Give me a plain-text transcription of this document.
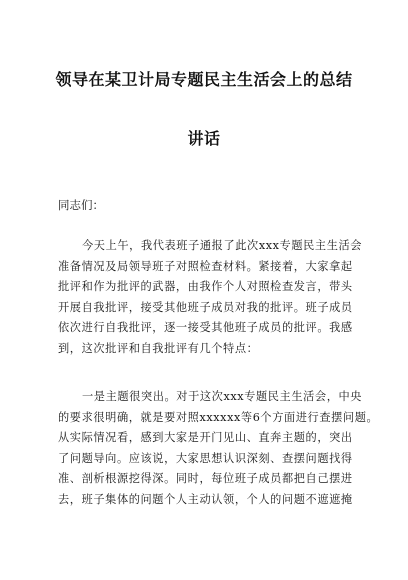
领导在某卫计局专题民主生活会上的总结
讲话
同志们：
今天上午，我代表班子通报了此次xxx专题民主生活会
准备情况及局领导班子对照检查材料。紧接着，大家拿起
批评和作为批评的武器，由我作个人对照检查发言，带头
开展自我批评，接受其他班子成员对我的批评。班子成员
依次进行自我批评，逐一接受其他班子成员的批评。我感
到，这次批评和自我批评有几个特点：
一是主题很突出。对于这次xxx专题民主生活会，中央
的要求很明确，就是要对照xxxxxx等6个方面进行查摆问题。
从实际情况看，感到大家是开门见山、直奔主题的，突出
了问题导向。应该说，大家思想认识深刻、查摆问题找得
准、剖析根源挖得深。同时，每位班子成员都把自己摆进
去，班子集体的问题个人主动认领，个人的问题不遮遮掩
